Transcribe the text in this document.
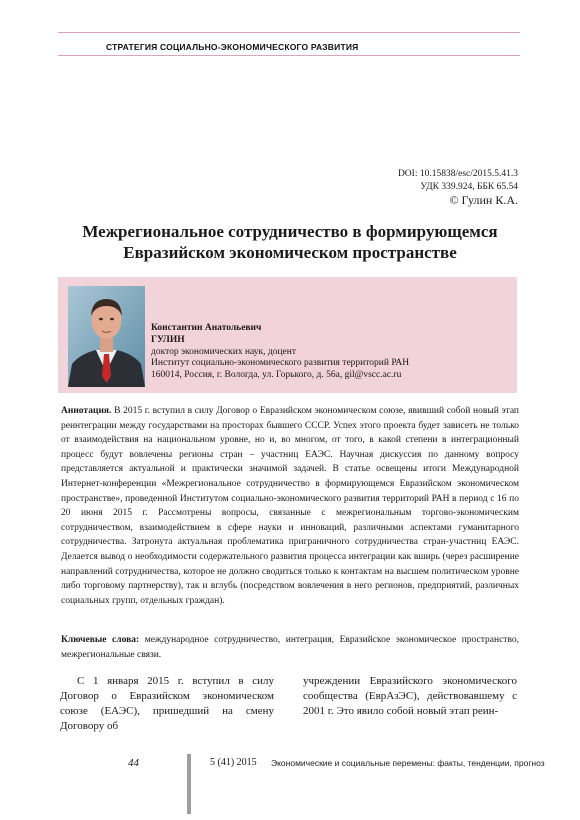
СТРАТЕГИЯ СОЦИАЛЬНО-ЭКОНОМИЧЕСКОГО РАЗВИТИЯ
DOI: 10.15838/esc/2015.5.41.3
УДК 339.924, ББК 65.54
© Гулин К.А.
Межрегиональное сотрудничество в формирующемся
Евразийском экономическом пространстве
Константин Анатольевич
ГУЛИН
доктор экономических наук, доцент
Институт социально-экономического развития территорий РАН
160014, Россия, г. Вологда, ул. Горького, д. 56а, gil@vscc.ac.ru
Аннотация. В 2015 г. вступил в силу Договор о Евразийском экономическом союзе, явивший собой новый этап реинтеграции между государствами на просторах бывшего СССР. Успех этого проекта будет зависеть не только от взаимодействия на национальном уровне, но и, во многом, от того, в какой степени в интеграционный процесс будут вовлечены регионы стран – участниц ЕАЭС. Научная дискуссия по данному вопросу представляется актуальной и практически значимой задачей. В статье освещены итоги Международной Интернет-конференции «Межрегиональное сотрудничество в формирующемся Евразийском экономическом пространстве», проведенной Институтом социально-экономического развития территорий РАН в период с 16 по 20 июня 2015 г. Рассмотрены вопросы, связанные с межрегиональным торгово-экономическим сотрудничеством, взаимодействием в сфере науки и инноваций, различными аспектами гуманитарного сотрудничества. Затронута актуальная проблематика приграничного сотрудничества стран-участниц ЕАЭС. Делается вывод о необходимости содержательного развития процесса интеграции как вширь (через расширение направлений сотрудничества, которое не должно сводиться только к контактам на высшем политическом уровне либо торговому партнерству), так и вглубь (посредством вовлечения в него регионов, предприятий, различных социальных групп, отдельных граждан).
Ключевые слова: международное сотрудничество, интеграция, Евразийское экономическое пространство, межрегиональные связи.
С 1 января 2015 г. вступил в силу Договор о Евразийском экономическом союзе (ЕАЭС), пришедший на смену Договору об
учреждении Евразийского экономического сообщества (ЕврАзЭС), действовавшему с 2001 г. Это явило собой новый этап реин-
44	5 (41) 2015 Экономические и социальные перемены: факты, тенденции, прогноз
